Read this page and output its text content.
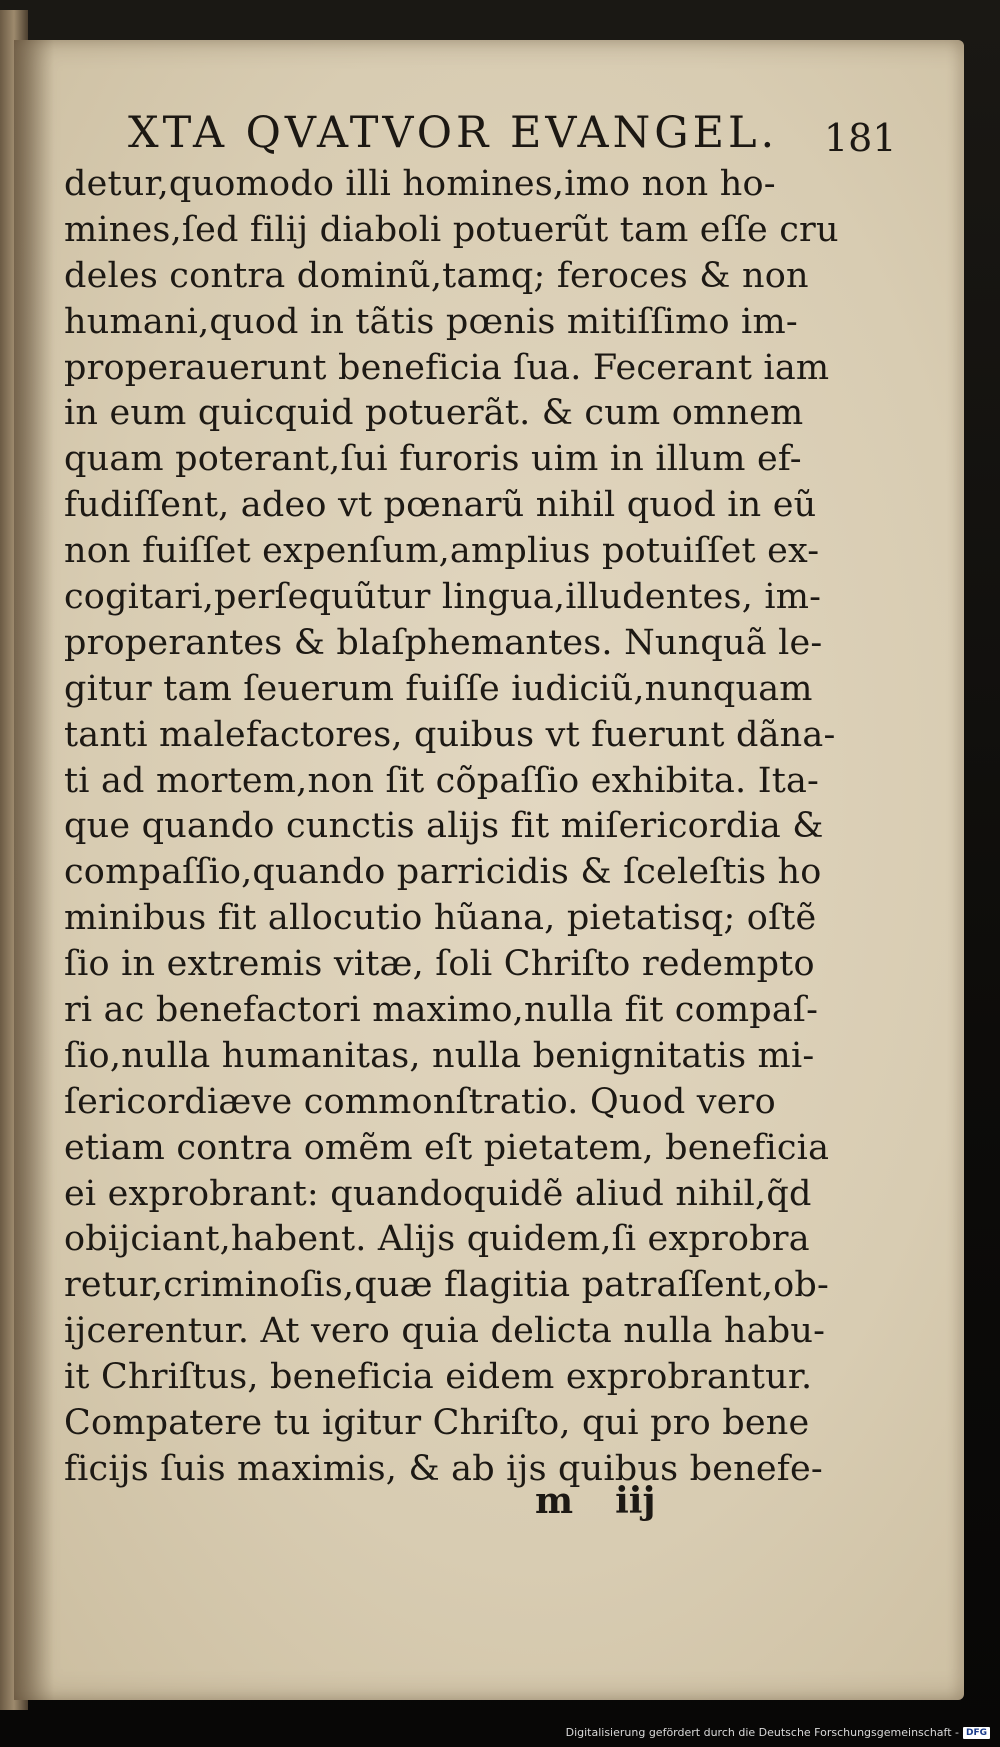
XTA QVATVOR EVANGEL. 181
detur,quomodo illi homines,imo non ho-
mines,ſed filij diaboli potuerũt tam eſſe cru
deles contra dominũ,tamq; feroces & non
humani,quod in tãtis pœnis mitiſſimo im-
properauerunt beneficia ſua. Fecerant iam
in eum quicquid potuerãt. & cum omnem
quam poterant,ſui furoris uim in illum ef-
fudiſſent, adeo vt pœnarũ nihil quod in eũ
non fuiſſet expenſum,amplius potuiſſet ex-
cogitari,perſequũtur lingua,illudentes, im-
properantes & blaſphemantes. Nunquã le-
gitur tam ſeuerum fuiſſe iudiciũ,nunquam
tanti malefactores, quibus vt fuerunt dãna-
ti ad mortem,non ſit cõpaſſio exhibita. Ita-
que quando cunctis alijs fit miſericordia &
compaſſio,quando parricidis & ſceleſtis ho
minibus fit allocutio hũana, pietatisq; oſtẽ
ſio in extremis vitæ, ſoli Chriſto redempto
ri ac benefactori maximo,nulla fit compaſ-
ſio,nulla humanitas, nulla benignitatis mi-
ſericordiæve commonſtratio. Quod vero
etiam contra omẽm eſt pietatem, beneficia
ei exprobrant: quandoquidẽ aliud nihil,q̃d
obijciant,habent. Alijs quidem,ſi exprobra
retur,criminoſis,quæ flagitia patraſſent,ob-
ijcerentur. At vero quia delicta nulla habu-
it Chriſtus, beneficia eidem exprobrantur.
Compatere tu igitur Chriſto, qui pro bene
ficijs ſuis maximis, & ab ijs quibus benefe-
m iij
Digitalisierung gefördert durch die Deutsche Forschungsgemeinschaft - DFG
